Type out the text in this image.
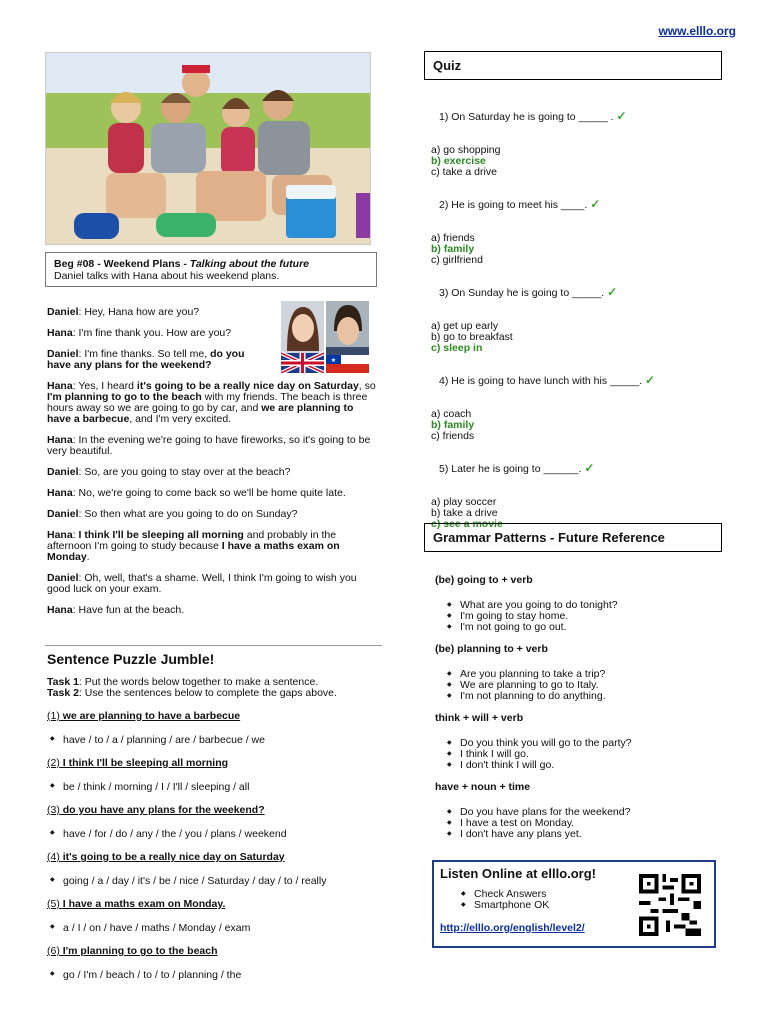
www.elllo.org
Beg #08 - Weekend Plans - Talking about the future
Daniel talks with Hana about his weekend plans.
★
Daniel: Hey, Hana how are you?
Hana: I'm fine thank you. How are you?
Daniel: I'm fine thanks. So tell me, do you have any plans for the weekend?
Hana: Yes, I heard it's going to be a really nice day on Saturday, so I'm planning to go to the beach with my friends. The beach is three hours away so we are going to go by car, and we are planning to have a barbecue, and I'm very excited.
Hana: In the evening we're going to have fireworks, so it's going to be very beautiful.
Daniel: So, are you going to stay over at the beach?
Hana: No, we're going to come back so we'll be home quite late.
Daniel: So then what are you going to do on Sunday?
Hana: I think I'll be sleeping all morning and probably in the afternoon I'm going to study because I have a maths exam on Monday.
Daniel: Oh, well, that's a shame. Well, I think I'm going to wish you good luck on your exam.
Hana: Have fun at the beach.
Sentence Puzzle Jumble!
Task 1: Put the words below together to make a sentence.
Task 2: Use the sentences below to complete the gaps above.
(1) we are planning to have a barbecue
◆ have / to / a / planning / are / barbecue / we
(2) I think I'll be sleeping all morning
◆ be / think / morning / I / I'll / sleeping / all
(3) do you have any plans for the weekend?
◆ have / for / do / any / the / you / plans / weekend
(4) it's going to be a really nice day on Saturday
◆ going / a / day / it's / be / nice / Saturday / day / to / really
(5) I have a maths exam on Monday.
◆ a / I / on / have / maths / Monday / exam
(6) I'm planning to go to the beach
◆ go / I'm / beach / to / to / planning / the
Quiz
1) On Saturday he is going to _____ . ✓
a) go shopping
b) exercise
c) take a drive
2) He is going to meet his ____. ✓
a) friends
b) family
c) girlfriend
3) On Sunday he is going to _____. ✓
a) get up early
b) go to breakfast
c) sleep in
4) He is going to have lunch with his _____. ✓
a) coach
b) family
c) friends
5) Later he is going to ______. ✓
a) play soccer
b) take a drive
c) see a movie
Grammar Patterns - Future Reference
(be) going to + verb
◆ What are you going to do tonight?
◆ I'm going to stay home.
◆ I'm not going to go out.
(be) planning to + verb
◆ Are you planning to take a trip?
◆ We are planning to go to Italy.
◆ I'm not planning to do anything.
think + will + verb
◆ Do you think you will go to the party?
◆ I think I will go.
◆ I don't think I will go.
have + noun + time
◆ Do you have plans for the weekend?
◆ I have a test on Monday.
◆ I don't have any plans yet.
Listen Online at elllo.org!
◆ Check Answers
◆ Smartphone OK
http://elllo.org/english/level2/
